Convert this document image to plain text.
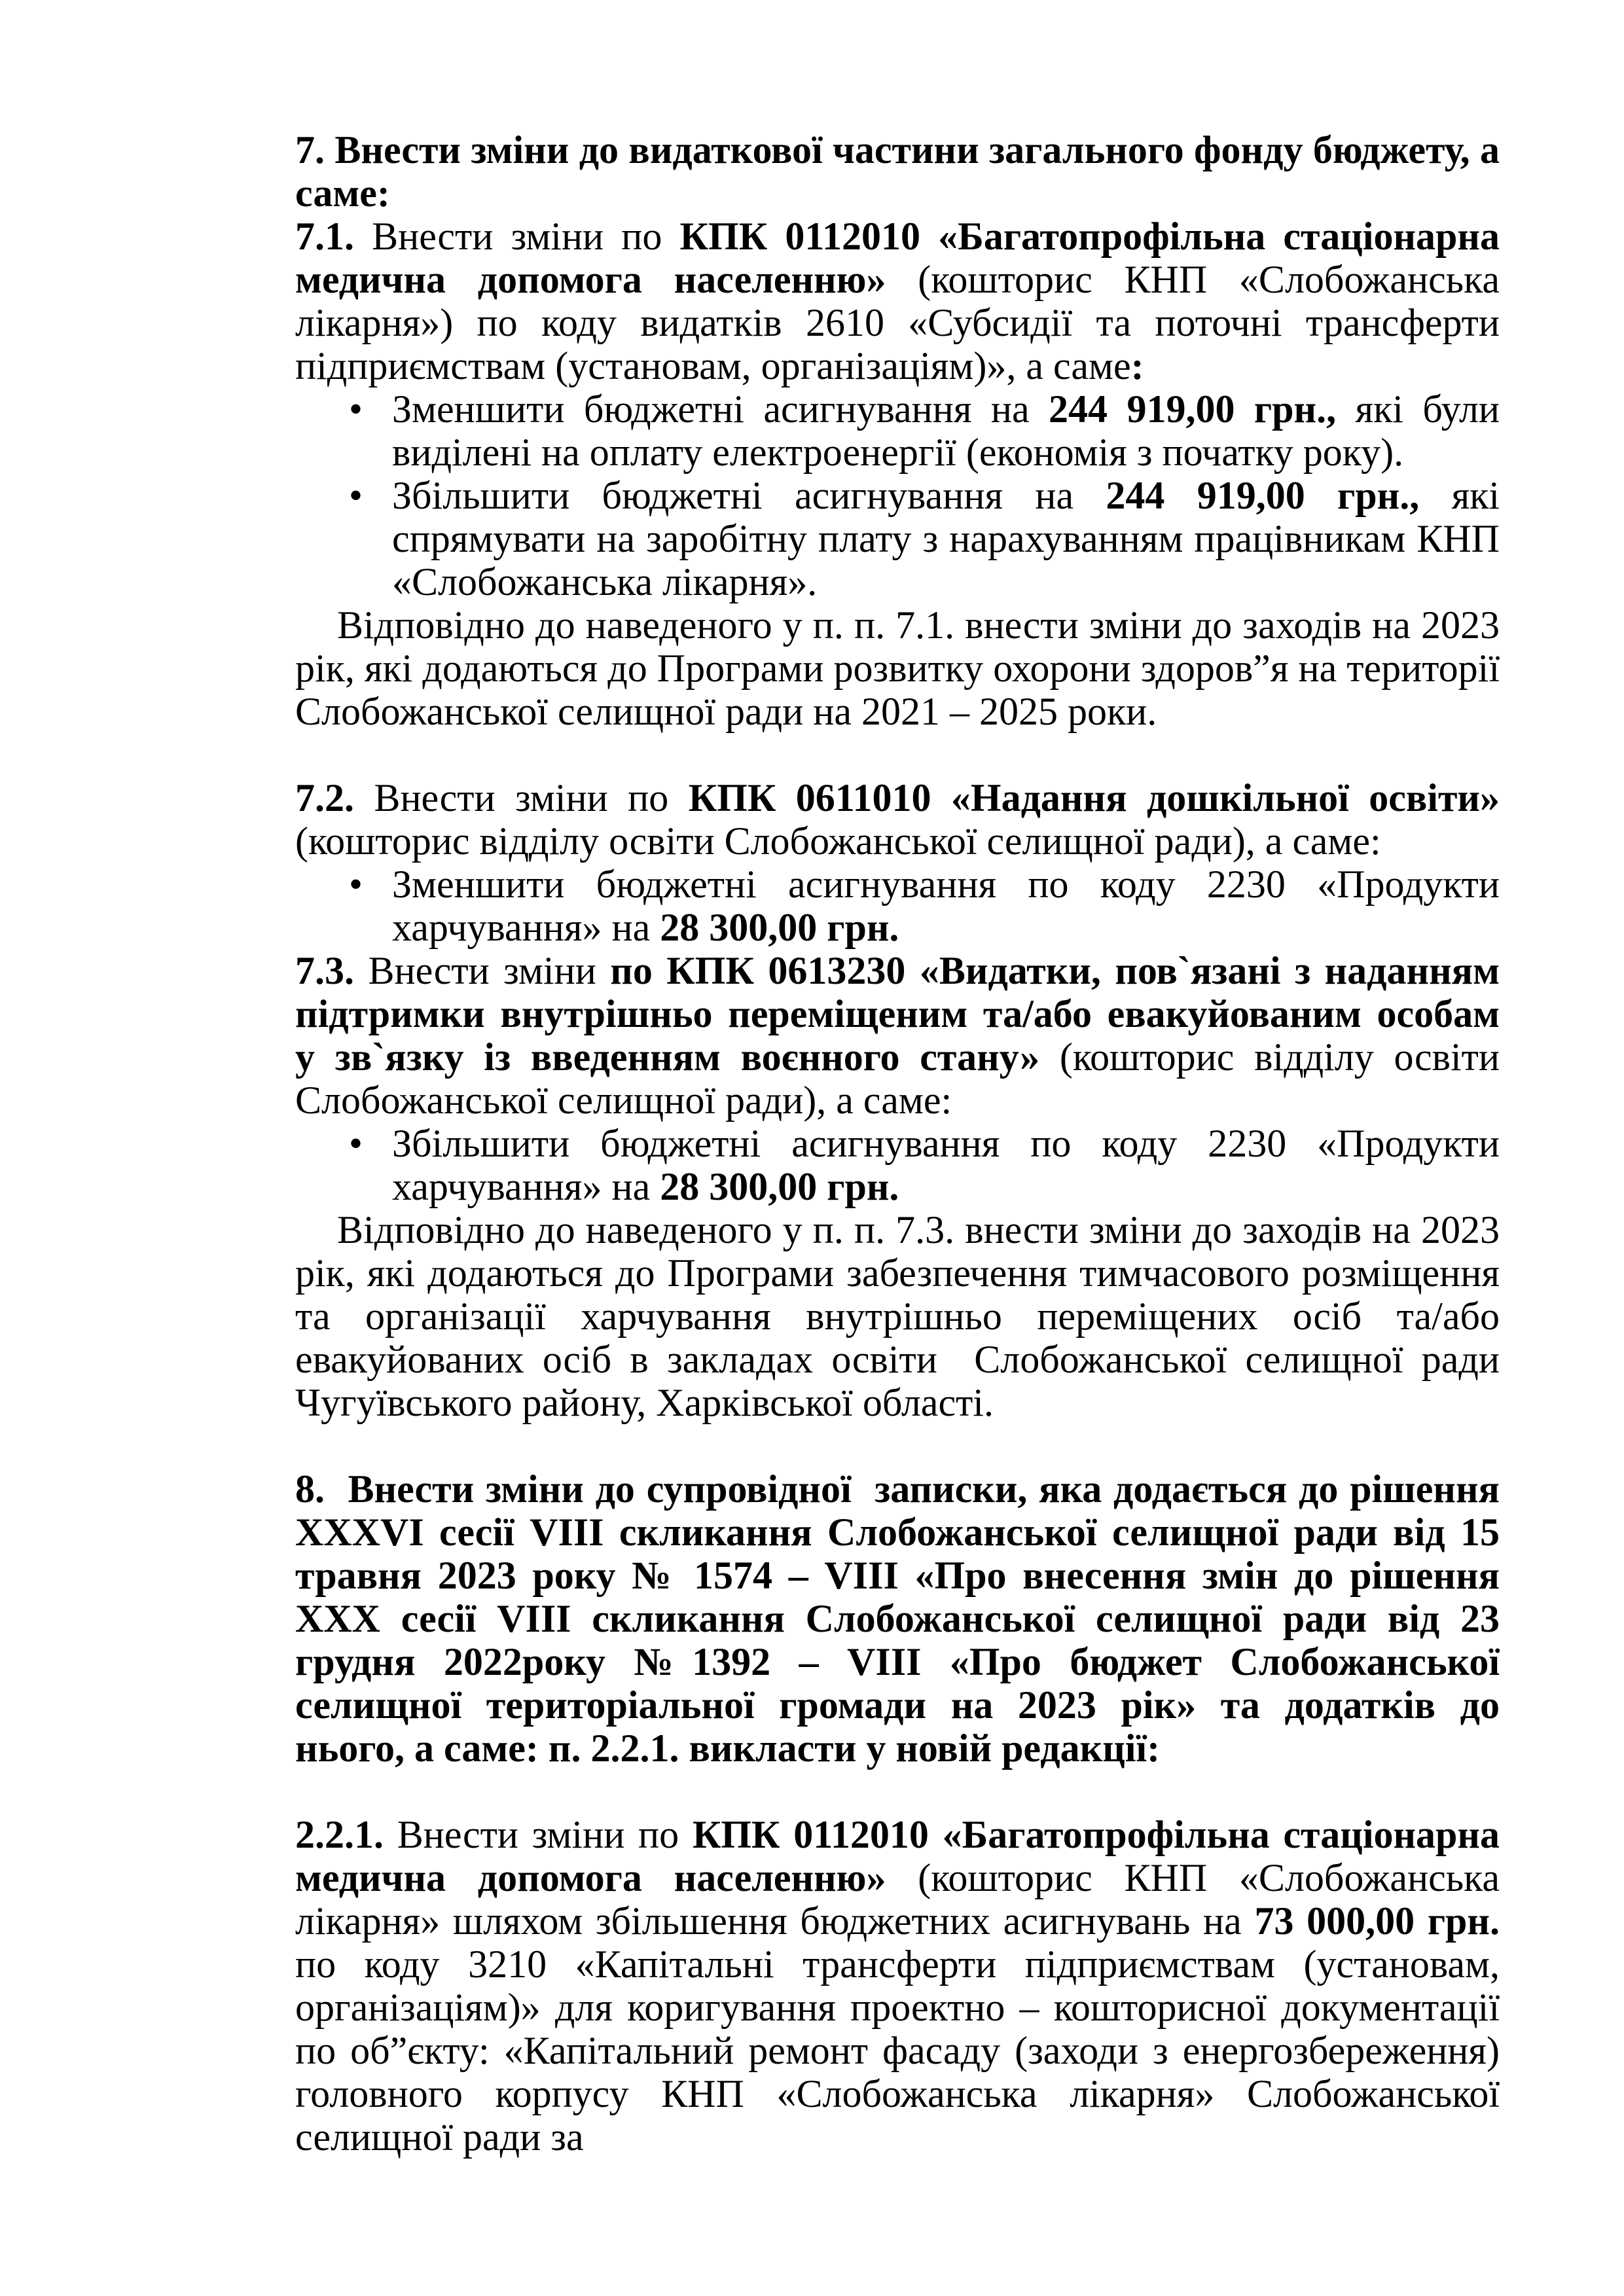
7. Внести зміни до видаткової частини загального фонду бюджету, а саме:

7.1. Внести зміни по КПК 0112010 «Багатопрофільна стаціонарна медична допомога населенню» (кошторис КНП «Слобожанська лікарня») по коду видатків 2610 «Субсидії та поточні трансферти підприємствам (установам, організаціям)», а саме:

• Зменшити бюджетні асигнування на 244 919,00 грн., які були виділені на оплату електроенергії (економія з початку року).
• Збільшити бюджетні асигнування на 244 919,00 грн., які спрямувати на заробітну плату з нарахуванням працівникам КНП «Слобожанська лікарня».

Відповідно до наведеного у п. п. 7.1. внести зміни до заходів на 2023 рік, які додаються до Програми розвитку охорони здоров”я на території Слобожанської селищної ради на 2021 – 2025 роки.

7.2. Внести зміни по КПК 0611010 «Надання дошкільної освіти» (кошторис відділу освіти Слобожанської селищної ради), а саме:

• Зменшити бюджетні асигнування по коду 2230 «Продукти харчування» на 28 300,00 грн.

7.3. Внести зміни по КПК 0613230 «Видатки, пов`язані з наданням підтримки внутрішньо переміщеним та/або евакуйованим особам у зв`язку із введенням воєнного стану» (кошторис відділу освіти Слобожанської селищної ради), а саме:

• Збільшити бюджетні асигнування по коду 2230 «Продукти харчування» на 28 300,00 грн.

Відповідно до наведеного у п. п. 7.3. внести зміни до заходів на 2023 рік, які додаються до Програми забезпечення тимчасового розміщення та організації харчування внутрішньо переміщених осіб та/або евакуйованих осіб в закладах освіти  Слобожанської селищної ради Чугуївського району, Харківської області.

8.  Внести зміни до супровідної  записки, яка додається до рішення XXXVI сесії VIII скликання Слобожанської селищної ради від 15 травня 2023 року № 1574 – VIII «Про внесення змін до рішення XXX сесії VIII скликання Слобожанської селищної ради від 23 грудня 2022року №1392 – VIII «Про бюджет Слобожанської селищної територіальної громади на 2023 рік» та додатків до нього, а саме: п. 2.2.1. викласти у новій редакції:

2.2.1. Внести зміни по КПК 0112010 «Багатопрофільна стаціонарна медична допомога населенню» (кошторис КНП «Слобожанська лікарня» шляхом збільшення бюджетних асигнувань на 73 000,00 грн. по коду 3210 «Капітальні трансферти підприємствам (установам, організаціям)» для коригування проектно – кошторисної документації по об”єкту: «Капітальний ремонт фасаду (заходи з енергозбереження) головного корпусу КНП «Слобожанська лікарня» Слобожанської селищної ради за
